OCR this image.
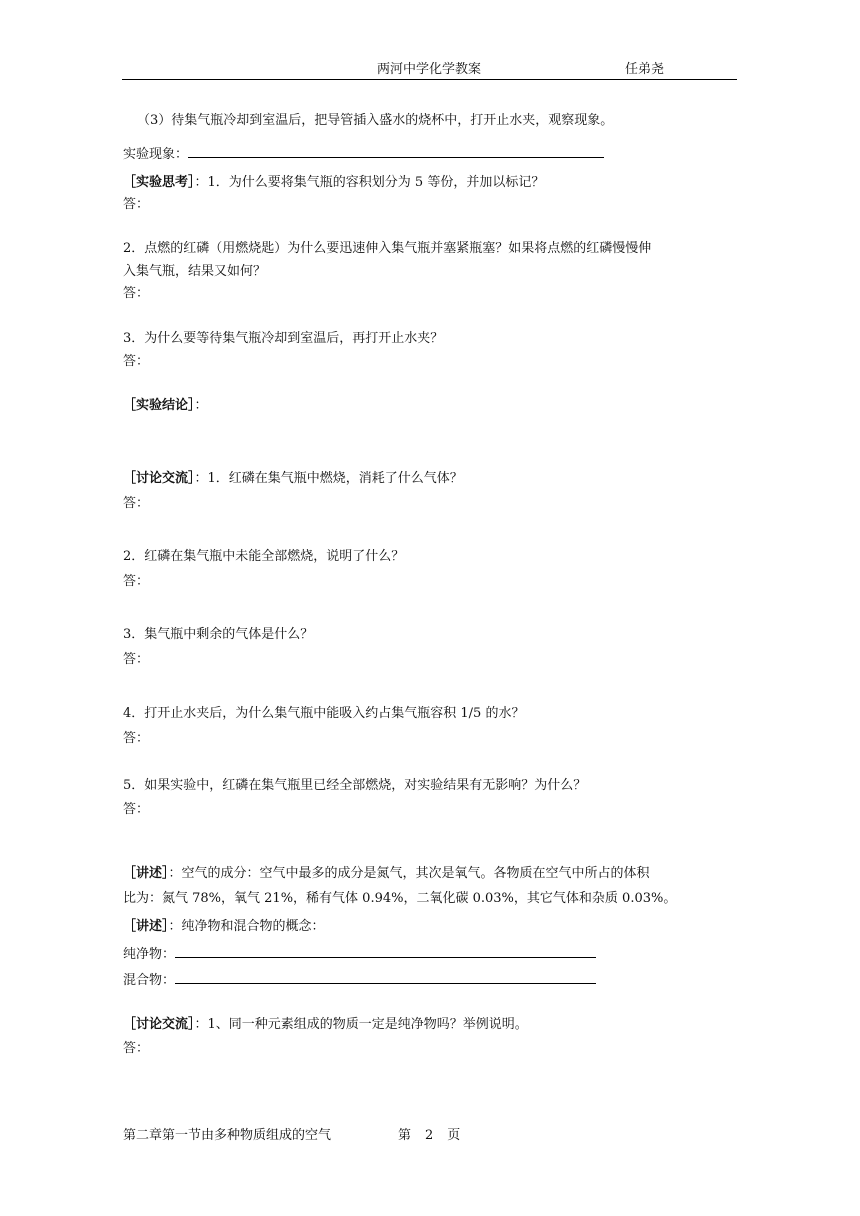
两河中学化学教案	任弟尧
（3）待集气瓶冷却到室温后，把导管插入盛水的烧杯中，打开止水夹，观察现象。
实验现象：
［实验思考］：1．为什么要将集气瓶的容积划分为 5 等份，并加以标记？
答：
2．点燃的红磷（用燃烧匙）为什么要迅速伸入集气瓶并塞紧瓶塞？如果将点燃的红磷慢慢伸
入集气瓶，结果又如何？
答：
3．为什么要等待集气瓶冷却到室温后，再打开止水夹？
答：
［实验结论］：
［讨论交流］：1．红磷在集气瓶中燃烧，消耗了什么气体？
答：
2．红磷在集气瓶中未能全部燃烧，说明了什么？
答：
3．集气瓶中剩余的气体是什么？
答：
4．打开止水夹后，为什么集气瓶中能吸入约占集气瓶容积 1/5 的水？
答：
5．如果实验中，红磷在集气瓶里已经全部燃烧，对实验结果有无影响？为什么？
答：
［讲述］：空气的成分：空气中最多的成分是氮气，其次是氧气。各物质在空气中所占的体积
比为：氮气 78%，氧气 21%，稀有气体 0.94%，二氧化碳 0.03%，其它气体和杂质 0.03%。
［讲述］：纯净物和混合物的概念：
纯净物：
混合物：
［讨论交流］：1、同一种元素组成的物质一定是纯净物吗？举例说明。
答：
第二章第一节由多种物质组成的空气	第 2 页
